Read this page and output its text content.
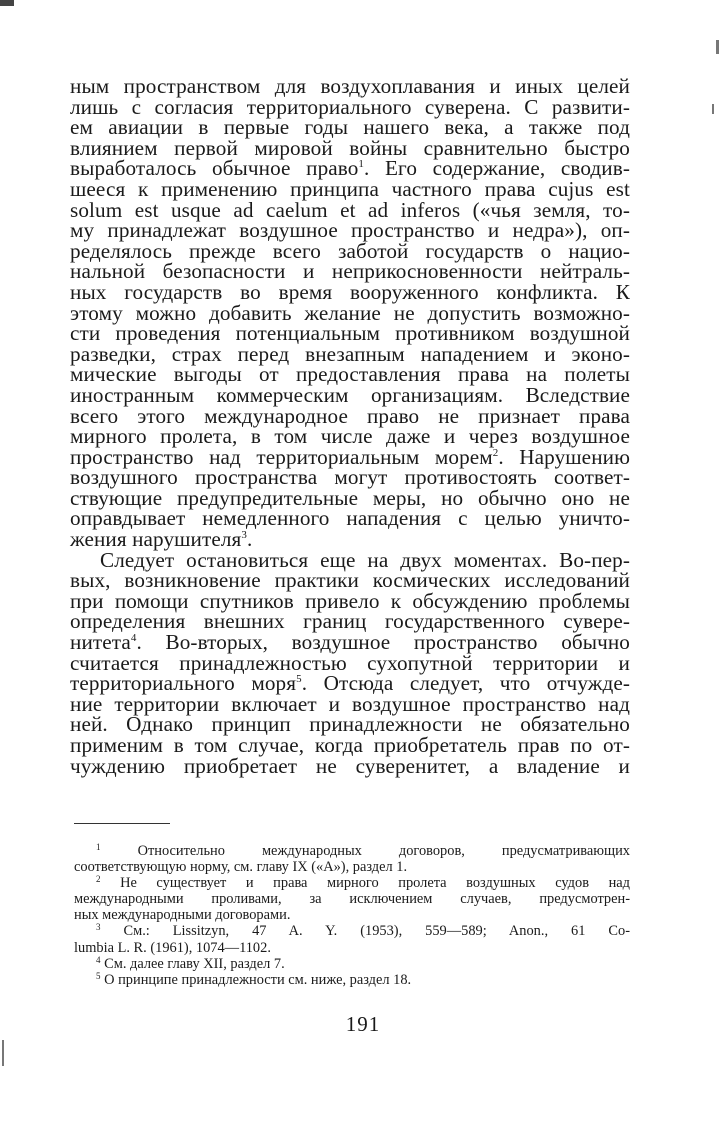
ным пространством для воздухоплавания и иных целей
лишь с согласия территориального суверена. С развити-
ем авиации в первые годы нашего века, а также под
влиянием первой мировой войны сравнительно быстро
выработалось обычное право$^1$. Его содержание, сводив-
шееся к применению принципа частного права cujus est
solum est usque ad caelum et ad inferos («чья земля, то-
му принадлежат воздушное пространство и недра»), оп-
ределялось прежде всего заботой государств о нацио-
нальной безопасности и неприкосновенности нейтраль-
ных государств во время вооруженного конфликта. К
этому можно добавить желание не допустить возможно-
сти проведения потенциальным противником воздушной
разведки, страх перед внезапным нападением и эконо-
мические выгоды от предоставления права на полеты
иностранным коммерческим организациям. Вследствие
всего этого международное право не признает права
мирного пролета, в том числе даже и через воздушное
пространство над территориальным морем$^2$. Нарушению
воздушного пространства могут противостоять соответ-
ствующие предупредительные меры, но обычно оно не
оправдывает немедленного нападения с целью уничто-
жения нарушителя$^3$.
Следует остановиться еще на двух моментах. Во-пер-
вых, возникновение практики космических исследований
при помощи спутников привело к обсуждению проблемы
определения внешних границ государственного сувере-
нитета$^4$. Во-вторых, воздушное пространство обычно
считается принадлежностью сухопутной территории и
территориального моря$^5$. Отсюда следует, что отчужде-
ние территории включает и воздушное пространство над
ней. Однако принцип принадлежности не обязательно
применим в том случае, когда приобретатель прав по от-
чуждению приобретает не суверенитет, а владение и
$^1$	Относительно международных договоров, предусматривающих
соответствующую норму, см. главу IX («А»), раздел 1.
$^2$ Не существует и права мирного пролета воздушных судов над
международными проливами, за исключением случаев, предусмотрен-
ных международными договорами.
$^3$ См.: Lissitzyn, 47 A. Y. (1953), 559—589; Anon., 61 Co-
lumbia L. R. (1961), 1074—1102.
$^4$ См. далее главу XII, раздел 7.
$^5$ О принципе принадлежности см. ниже, раздел 18.
191
